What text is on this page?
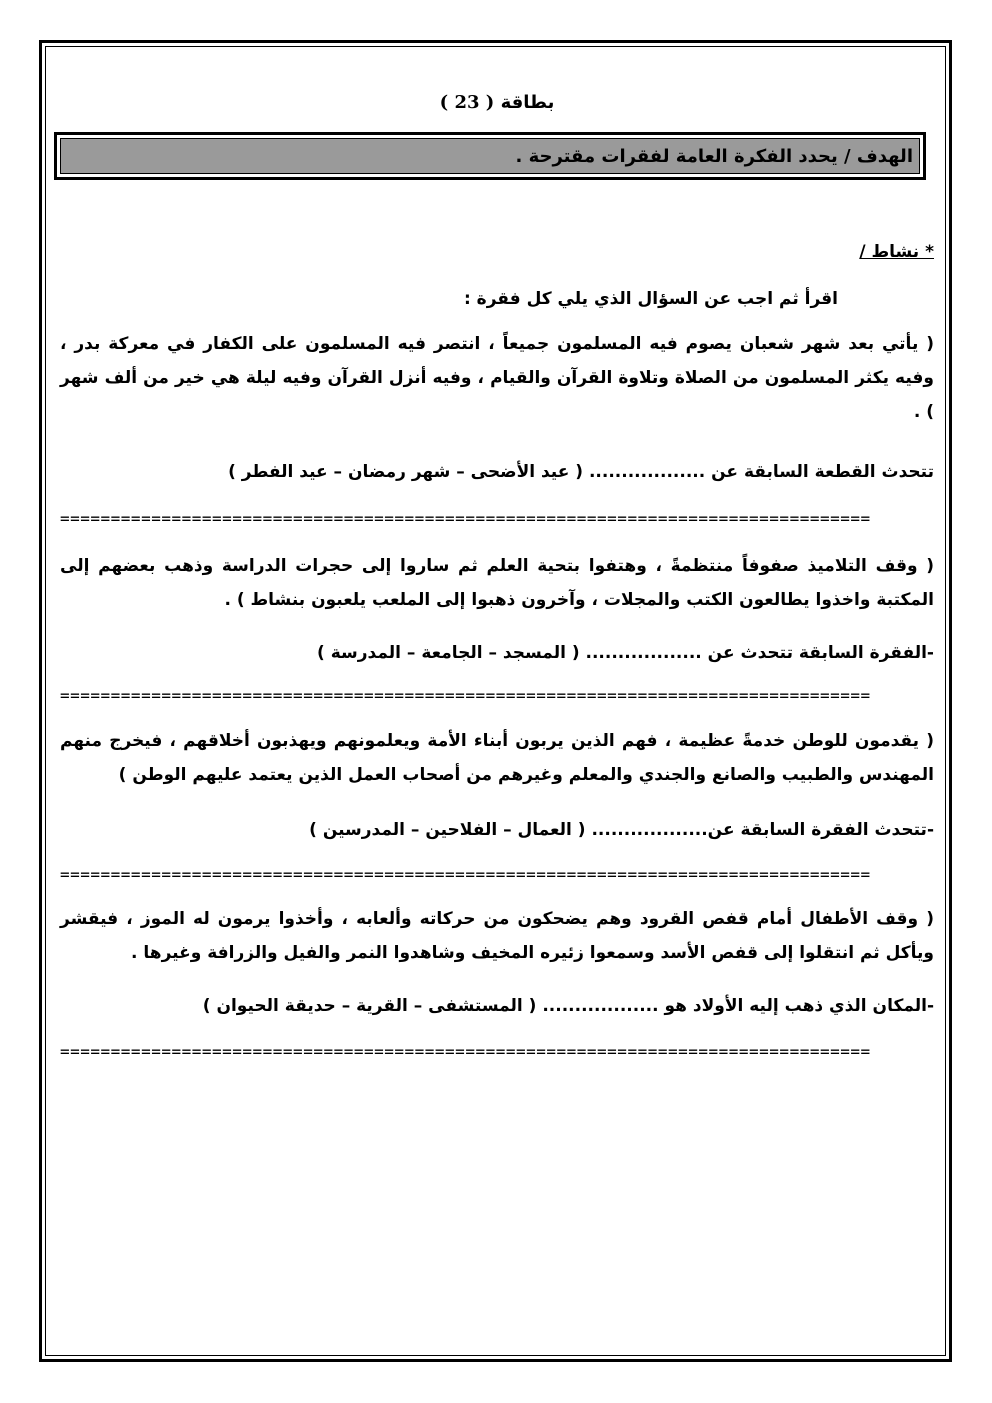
بطاقة ( 23 )
الهدف / يحدد الفكرة العامة لفقرات مقترحة .
* نشاط /
اقرأ ثم اجب عن السؤال الذي يلي كل فقرة :
( يأتي بعد شهر شعبان يصوم فيه المسلمون جميعاً ، انتصر فيه المسلمون على الكفار في معركة بدر ، وفيه يكثر المسلمون من الصلاة وتلاوة القرآن والقيام ، وفيه أنزل القرآن وفيه ليلة هي خير من ألف شهر ) .
تتحدث القطعة السابقة عن .................. ( عيد الأضحى – شهر رمضان – عيد الفطر )
================================================================================
( وقف التلاميذ صفوفاً منتظمةً ، وهتفوا بتحية العلم ثم ساروا إلى حجرات الدراسة وذهب بعضهم إلى المكتبة واخذوا يطالعون الكتب والمجلات ، وآخرون ذهبوا إلى الملعب يلعبون بنشاط ) .
-الفقرة السابقة تتحدث عن .................. ( المسجد – الجامعة – المدرسة )
================================================================================
( يقدمون للوطن خدمةً عظيمة ، فهم الذين يربون أبناء الأمة ويعلمونهم ويهذبون أخلاقهم ، فيخرج منهم المهندس والطبيب والصانع والجندي والمعلم وغيرهم من أصحاب العمل الذين يعتمد عليهم الوطن )
-تتحدث الفقرة السابقة عن.................. ( العمال – الفلاحين – المدرسين )
================================================================================
( وقف الأطفال أمام قفص القرود وهم يضحكون من حركاته وألعابه ، وأخذوا يرمون له الموز ، فيقشر ويأكل ثم انتقلوا إلى قفص الأسد وسمعوا زئيره المخيف وشاهدوا النمر والفيل والزرافة وغيرها .
-المكان الذي ذهب إليه الأولاد هو .................. ( المستشفى – القرية – حديقة الحيوان )
================================================================================
